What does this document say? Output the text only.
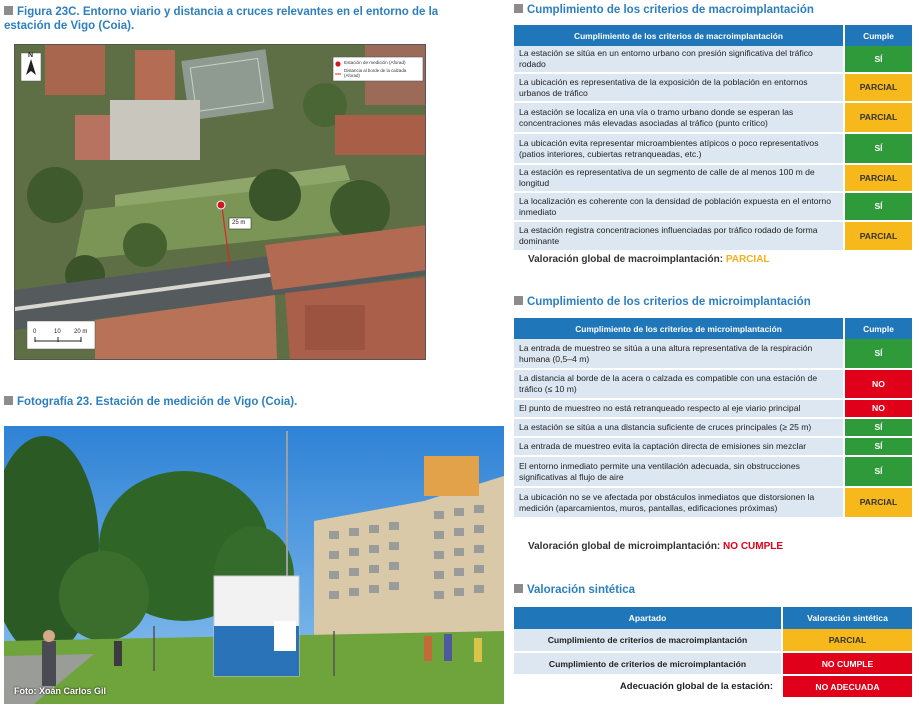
Figura 23C. Entorno viario y distancia a cruces relevantes en el entorno de la
estación de Vigo (Coia).
N
Estación de medición (Aforad)
Distancia al borde de la calzada (Aforad)
25 m
0	10 20 m
Fotografía 23. Estación de medición de Vigo (Coia).
Foto: Xoán Carlos Gil
Cumplimiento de los criterios de macroimplantación
Cumplimiento de los criterios de macroimplantación	Cumple
La estación se sitúa en un entorno urbano con presión significativa del tráfico rodado	SÍ
La ubicación es representativa de la exposición de la población en entornos urbanos de tráfico	PARCIAL
La estación se localiza en una vía o tramo urbano donde se esperan las concentraciones más elevadas asociadas al tráfico (punto crítico)	PARCIAL
La ubicación evita representar microambientes atípicos o poco representativos (patios interiores, cubiertas retranqueadas, etc.)	SÍ
La estación es representativa de un segmento de calle de al menos 100 m de longitud	PARCIAL
La localización es coherente con la densidad de población expuesta en el entorno inmediato	SÍ
La estación registra concentraciones influenciadas por tráfico rodado de forma dominante	PARCIAL
Valoración global de macroimplantación: PARCIAL
Cumplimiento de los criterios de microimplantación
Cumplimiento de los criterios de microimplantación	Cumple
La entrada de muestreo se sitúa a una altura representativa de la respiración humana (0,5–4 m)	SÍ
La distancia al borde de la acera o calzada es compatible con una estación de tráfico (≤ 10 m)	NO
El punto de muestreo no está retranqueado respecto al eje viario principal	NO
La estación se sitúa a una distancia suficiente de cruces principales (≥ 25 m)	SÍ
La entrada de muestreo evita la captación directa de emisiones sin mezclar	SÍ
El entorno inmediato permite una ventilación adecuada, sin obstrucciones significativas al flujo de aire	SÍ
La ubicación no se ve afectada por obstáculos inmediatos que distorsionen la medición (aparcamientos, muros, pantallas, edificaciones próximas)	PARCIAL
Valoración global de microimplantación: NO CUMPLE
Valoración sintética
Apartado	Valoración sintética
Cumplimiento de criterios de macroimplantación	PARCIAL
Cumplimiento de criterios de microimplantación	NO CUMPLE
Adecuación global de la estación:	NO ADECUADA
